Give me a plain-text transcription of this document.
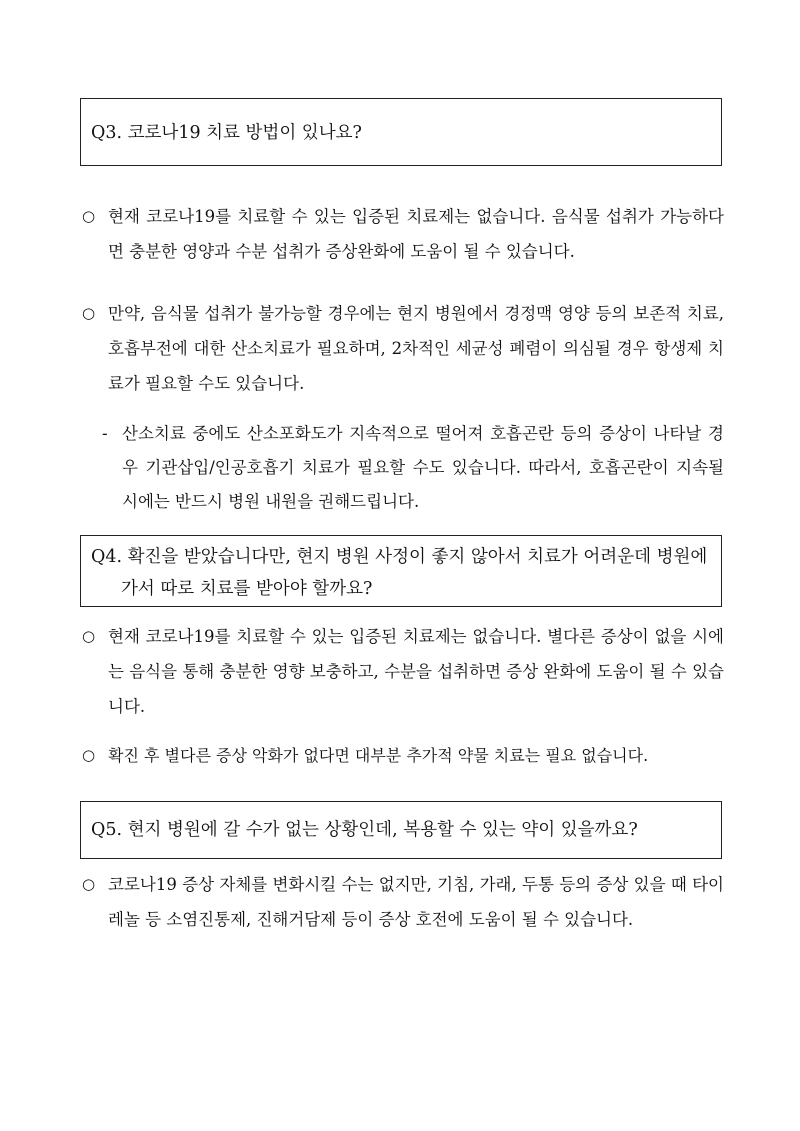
Q3. 코로나19 치료 방법이 있나요?
○ 현재 코로나19를 치료할 수 있는 입증된 치료제는 없습니다. 음식물 섭취가 가능하다면 충분한 영양과 수분 섭취가 증상완화에 도움이 될 수 있습니다.
○ 만약, 음식물 섭취가 불가능할 경우에는 현지 병원에서 경정맥 영양 등의 보존적 치료, 호흡부전에 대한 산소치료가 필요하며, 2차적인 세균성 폐렴이 의심될 경우 항생제 치료가 필요할 수도 있습니다.
- 산소치료 중에도 산소포화도가 지속적으로 떨어져 호흡곤란 등의 증상이 나타날 경우 기관삽입/인공호흡기 치료가 필요할 수도 있습니다. 따라서, 호흡곤란이 지속될 시에는 반드시 병원 내원을 권해드립니다.
Q4. 확진을 받았습니다만, 현지 병원 사정이 좋지 않아서 치료가 어려운데 병원에 가서 따로 치료를 받아야 할까요?
○ 현재 코로나19를 치료할 수 있는 입증된 치료제는 없습니다. 별다른 증상이 없을 시에는 음식을 통해 충분한 영향 보충하고, 수분을 섭취하면 증상 완화에 도움이 될 수 있습니다.
○ 확진 후 별다른 증상 악화가 없다면 대부분 추가적 약물 치료는 필요 없습니다.
Q5. 현지 병원에 갈 수가 없는 상황인데, 복용할 수 있는 약이 있을까요?
○ 코로나19 증상 자체를 변화시킬 수는 없지만, 기침, 가래, 두통 등의 증상 있을 때 타이레놀 등 소염진통제, 진해거담제 등이 증상 호전에 도움이 될 수 있습니다.
